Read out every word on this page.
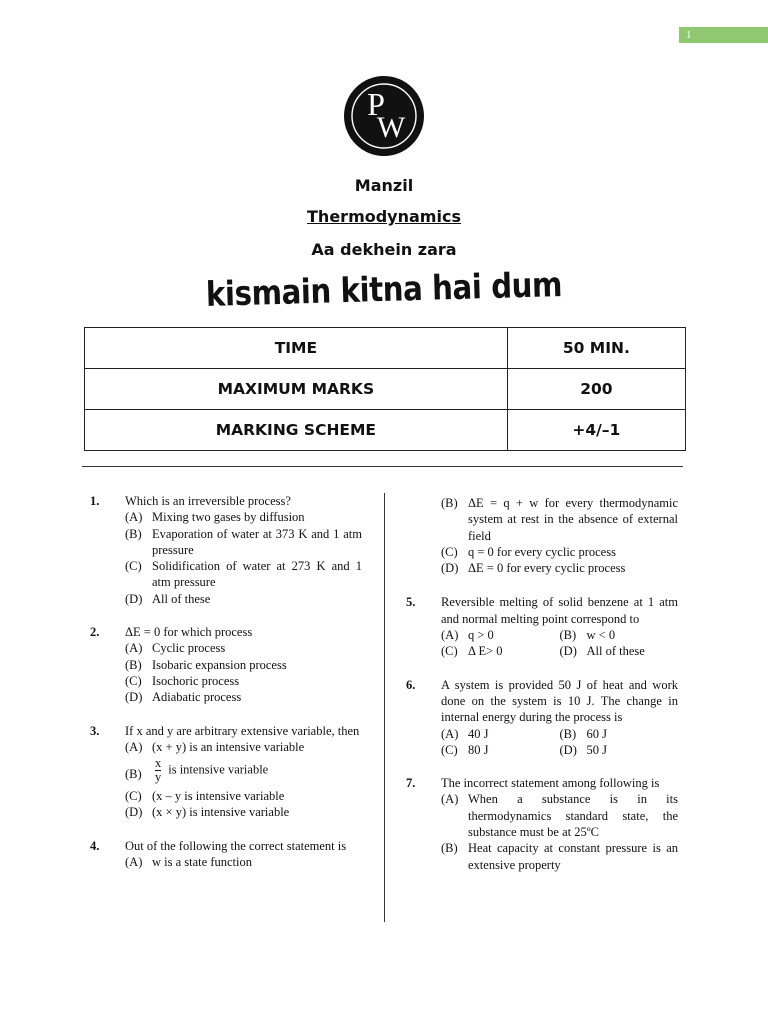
1
P
W
Manzil
Thermodynamics
Aa dekhein zara
kismain kitna hai dum
TIME	50 MIN.
MAXIMUM MARKS	200
MARKING SCHEME	+4/–1
1. Which is an irreversible process?
(A) Mixing two gases by diffusion
(B) Evaporation of water at 373 K and 1 atm pressure
(C) Solidification of water at 273 K and 1 atm pressure
(D) All of these
2. ΔE = 0 for which process
(A) Cyclic process
(B) Isobaric expansion process
(C) Isochoric process
(D) Adiabatic process
3. If x and y are arbitrary extensive variable, then
(A) (x + y) is an intensive variable
$(B) \frac{x}{y}$ is intensive variable
(C) (x – y is intensive variable
(D) (x × y) is intensive variable
4. Out of the following the correct statement is
(A) w is a state function
(B) ΔE = q + w for every thermodynamic system at rest in the absence of external field
(C) q = 0 for every cyclic process
(D) ΔE = 0 for every cyclic process
5. Reversible melting of solid benzene at 1 atm and normal melting point correspond to
(A) q > 0	(B) w < 0
(C) Δ E> 0	(D) All of these
6. A system is provided 50 J of heat and work done on the system is 10 J. The change in internal energy during the process is
(A) 40 J	(B) 60 J
(C) 80 J	(D) 50 J
7. The incorrect statement among following is
(A) When a substance is in its thermodynamics standard state, the substance must be at 25ºC
(B) Heat capacity at constant pressure is an extensive property
